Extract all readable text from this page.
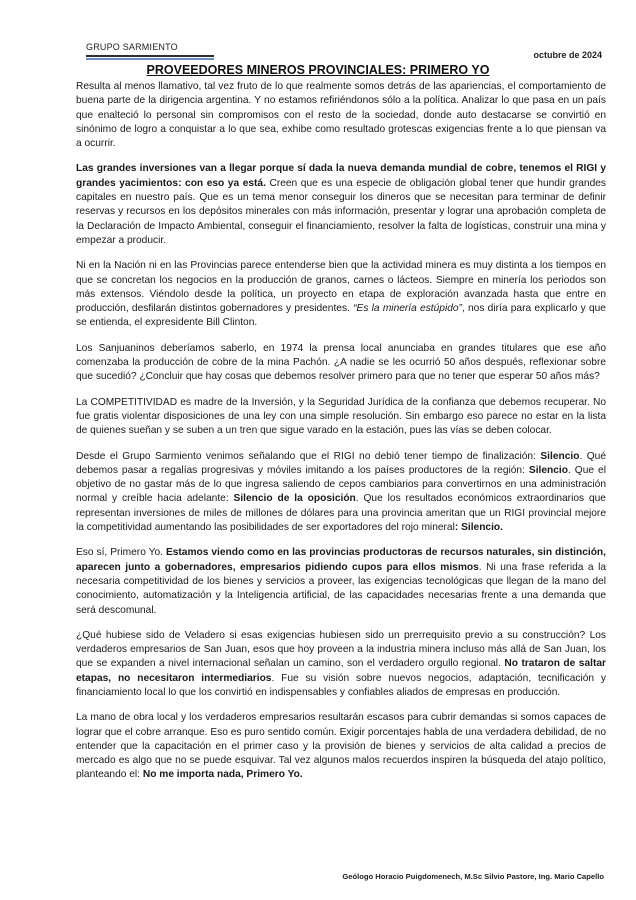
GRUPO SARMIENTO
octubre de 2024
PROVEEDORES MINEROS PROVINCIALES: PRIMERO YO

Resulta al menos llamativo, tal vez fruto de lo que realmente somos detrás de las apariencias, el comportamiento de buena parte de la dirigencia argentina. Y no estamos refiriéndonos sólo a la política. Analizar lo que pasa en un país que enalteció lo personal sin compromisos con el resto de la sociedad, donde auto destacarse se convirtió en sinónimo de logro a conquistar a lo que sea, exhibe como resultado grotescas exigencias frente a lo que piensan va a ocurrir.

Las grandes inversiones van a llegar porque sí dada la nueva demanda mundial de cobre, tenemos el RIGI y grandes yacimientos: con eso ya está. Creen que es una especie de obligación global tener que hundir grandes capitales en nuestro país. Que es un tema menor conseguir los dineros que se necesitan para terminar de definir reservas y recursos en los depósitos minerales con más información, presentar y lograr una aprobación completa de la Declaración de Impacto Ambiental, conseguir el financiamiento, resolver la falta de logísticas, construir una mina y empezar a producir.

Ni en la Nación ni en las Provincias parece entenderse bien que la actividad minera es muy distinta a los tiempos en que se concretan los negocios en la producción de granos, carnes o lácteos. Siempre en minería los periodos son más extensos. Viéndolo desde la política, un proyecto en etapa de exploración avanzada hasta que entre en producción, desfilarán distintos gobernadores y presidentes. “Es la minería estúpido”, nos diría para explicarlo y que se entienda, el expresidente Bill Clinton.

Los Sanjuaninos deberíamos saberlo, en 1974 la prensa local anunciaba en grandes titulares que ese año comenzaba la producción de cobre de la mina Pachón. ¿A nadie se les ocurrió 50 años después, reflexionar sobre que sucedió? ¿Concluir que hay cosas que debemos resolver primero para que no tener que esperar 50 años más?

La COMPETITIVIDAD es madre de la Inversión, y la Seguridad Jurídica de la confianza que debemos recuperar. No fue gratis violentar disposiciones de una ley con una simple resolución. Sin embargo eso parece no estar en la lista de quienes sueñan y se suben a un tren que sigue varado en la estación, pues las vías se deben colocar.

Desde el Grupo Sarmiento venimos señalando que el RIGI no debió tener tiempo de finalización: Silencio. Qué debemos pasar a regalías progresivas y móviles imitando a los países productores de la región: Silencio. Que el objetivo de no gastar más de lo que ingresa saliendo de cepos cambiarios para convertirnos en una administración normal y creíble hacia adelante: Silencio de la oposición. Que los resultados económicos extraordinarios que representan inversiones de miles de millones de dólares para una provincia ameritan que un RIGI provincial mejore la competitividad aumentando las posibilidades de ser exportadores del rojo mineral: Silencio.

Eso sí, Primero Yo. Estamos viendo como en las provincias productoras de recursos naturales, sin distinción, aparecen junto a gobernadores, empresarios pidiendo cupos para ellos mismos. Ni una frase referida a la necesaria competitividad de los bienes y servicios a proveer, las exigencias tecnológicas que llegan de la mano del conocimiento, automatización y la Inteligencia artificial, de las capacidades necesarias frente a una demanda que será descomunal.

¿Qué hubiese sido de Veladero si esas exigencias hubiesen sido un prerrequisito previo a su construcción? Los verdaderos empresarios de San Juan, esos que hoy proveen a la industria minera incluso más allá de San Juan, los que se expanden a nivel internacional señalan un camino, son el verdadero orgullo regional. No trataron de saltar etapas, no necesitaron intermediarios. Fue su visión sobre nuevos negocios, adaptación, tecnificación y financiamiento local lo que los convirtió en indispensables y confiables aliados de empresas en producción.

La mano de obra local y los verdaderos empresarios resultarán escasos para cubrir demandas si somos capaces de lograr que el cobre arranque. Eso es puro sentido común. Exigir porcentajes habla de una verdadera debilidad, de no entender que la capacitación en el primer caso y la provisión de bienes y servicios de alta calidad a precios de mercado es algo que no se puede esquivar. Tal vez algunos malos recuerdos inspiren la búsqueda del atajo político, planteando el: No me importa nada, Primero Yo.

Geólogo Horacio Puigdomenech, M.Sc Silvio Pastore, Ing. Mario Capello
